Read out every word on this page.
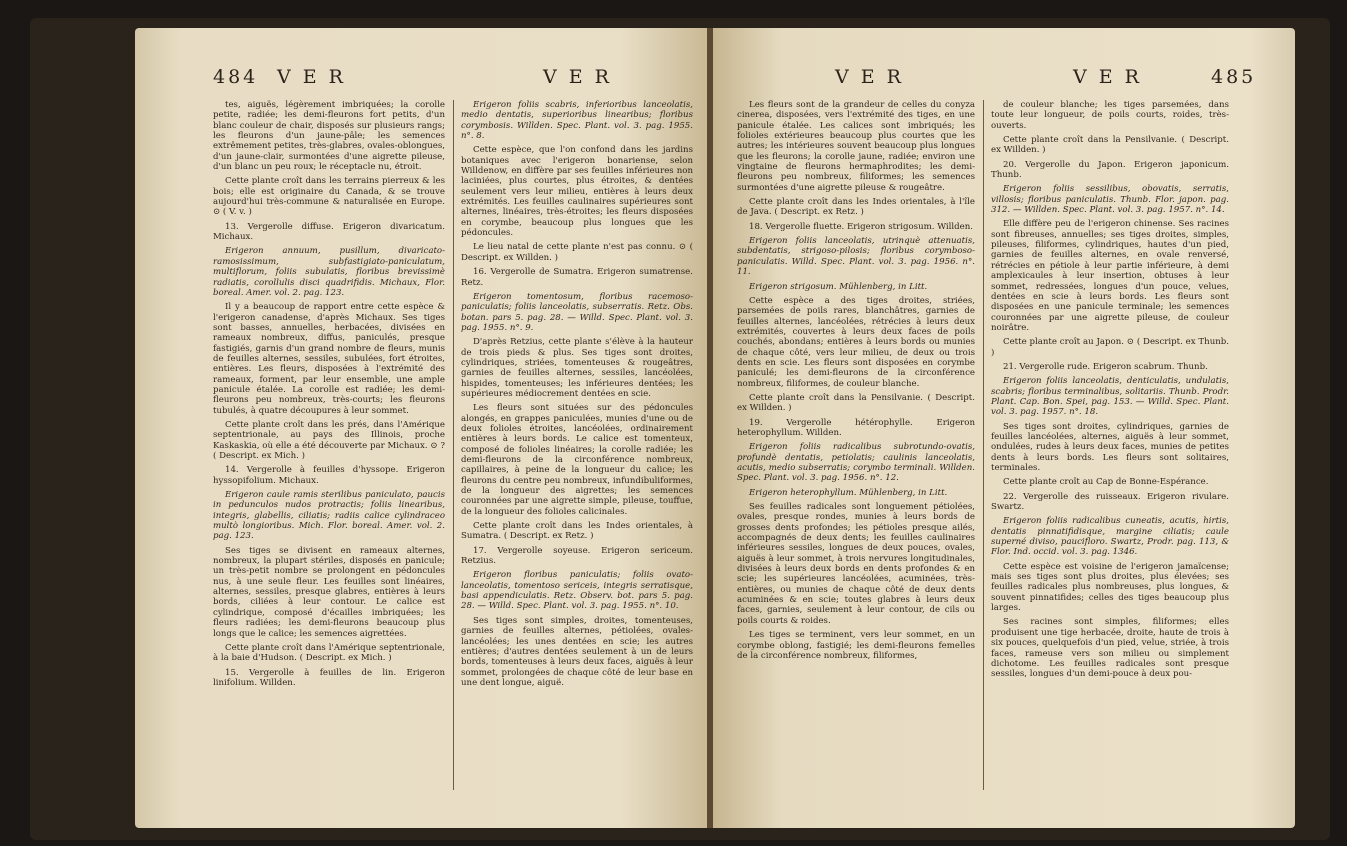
484 V E R	V E R

tes, aiguës, légèrement imbriquées; la corolle petite, radiée; les demi-fleurons fort petits, d'un blanc couleur de chair, disposés sur plusieurs rangs; les fleurons d'un jaune-pâle; les semences extrêmement petites, très-glabres, ovales-oblongues, d'un jaune-clair, surmontées d'une aigrette pileuse, d'un blanc un peu roux; le réceptacle nu, étroit.

Cette plante croît dans les terrains pierreux & les bois; elle est originaire du Canada, & se trouve aujourd'hui très-commune & naturalisée en Europe. ⊙ ( V. v. )

13. Vergerolle diffuse. Erigeron divaricatum. Michaux.

Erigeron annuum, pusillum, divaricato-ramosissimum, subfastigiato-paniculatum, multiflorum, foliis subulatis, floribus brevissimè radiatis, corollulis disci quadrifidis. Michaux, Flor. boreal. Amer. vol. 2. pag. 123.

Il y a beaucoup de rapport entre cette espèce & l'erigeron canadense, d'après Michaux. Ses tiges sont basses, annuelles, herbacées, divisées en rameaux nombreux, diffus, paniculés, presque fastigiés, garnis d'un grand nombre de fleurs, munis de feuilles alternes, sessiles, subulées, fort étroites, entières. Les fleurs, disposées à l'extrémité des rameaux, forment, par leur ensemble, une ample panicule étalée. La corolle est radiée; les demi-fleurons peu nombreux, très-courts; les fleurons tubulés, à quatre découpures à leur sommet.

Cette plante croît dans les prés, dans l'Amérique septentrionale, au pays des Illinois, proche Kaskaskia, où elle a été découverte par Michaux. ⊙ ? ( Descript. ex Mich. )

14. Vergerolle à feuilles d'hyssope. Erigeron hyssopifolium. Michaux.

Erigeron caule ramis sterilibus paniculato, paucis in pedunculos nudos protractis; foliis linearibus, integris, glabellis, ciliatis; radiis calice cylindraceo multò longioribus. Mich. Flor. boreal. Amer. vol. 2. pag. 123.

Ses tiges se divisent en rameaux alternes, nombreux, la plupart stériles, disposés en panicule; un très-petit nombre se prolongent en pédoncules nus, à une seule fleur. Les feuilles sont linéaires, alternes, sessiles, presque glabres, entières à leurs bords, ciliées à leur contour. Le calice est cylindrique, composé d'écailles imbriquées; les fleurs radiées; les demi-fleurons beaucoup plus longs que le calice; les semences aigrettées.

Cette plante croît dans l'Amérique septentrionale, à la baie d'Hudson. ( Descript. ex Mich. )

15. Vergerolle à feuilles de lin. Erigeron linifolium. Willden.

Erigeron foliis scabris, inferioribus lanceolatis, medio dentatis, superioribus linearibus; floribus corymbosis. Willden. Spec. Plant. vol. 3. pag. 1955. n°. 8.

Cette espèce, que l'on confond dans les jardins botaniques avec l'erigeron bonariense, selon Willdenow, en diffère par ses feuilles inférieures non laciniées, plus courtes, plus étroites, & dentées seulement vers leur milieu, entières à leurs deux extrémités. Les feuilles caulinaires supérieures sont alternes, linéaires, très-étroites; les fleurs disposées en corymbe, beaucoup plus longues que les pédoncules.

Le lieu natal de cette plante n'est pas connu. ⊙ ( Descript. ex Willden. )

16. Vergerolle de Sumatra. Erigeron sumatrense. Retz.

Erigeron tomentosum, floribus racemoso-paniculatis; foliis lanceolatis, subserratis. Retz. Obs. botan. pars 5. pag. 28. — Willd. Spec. Plant. vol. 3. pag. 1955. n°. 9.

D'après Retzius, cette plante s'élève à la hauteur de trois pieds & plus. Ses tiges sont droites, cylindriques, striées, tomenteuses & rougeâtres, garnies de feuilles alternes, sessiles, lancéolées, hispides, tomenteuses; les inférieures dentées; les supérieures médiocrement dentées en scie.

Les fleurs sont situées sur des pédoncules alongés, en grappes paniculées, munies d'une ou de deux folioles étroites, lancéolées, ordinairement entières à leurs bords. Le calice est tomenteux, composé de folioles linéaires; la corolle radiée; les demi-fleurons de la circonférence nombreux, capillaires, à peine de la longueur du calice; les fleurons du centre peu nombreux, infundibuliformes, de la longueur des aigrettes; les semences couronnées par une aigrette simple, pileuse, touffue, de la longueur des folioles calicinales.

Cette plante croît dans les Indes orientales, à Sumatra. ( Descript. ex Retz. )

17. Vergerolle soyeuse. Erigeron sericeum. Retzius.

Erigeron floribus paniculatis; foliis ovato-lanceolatis, tomentoso sericeis, integris serratisque, basi appendiculatis. Retz. Observ. bot. pars 5. pag. 28. — Willd. Spec. Plant. vol. 3. pag. 1955. n°. 10.

Ses tiges sont simples, droites, tomenteuses, garnies de feuilles alternes, pétiolées, ovales-lancéolées; les unes dentées en scie; les autres entières; d'autres dentées seulement à un de leurs bords, tomenteuses à leurs deux faces, aiguës à leur sommet, prolongées de chaque côté de leur base en une dent longue, aiguë.

V E R	V E R	485

Les fleurs sont de la grandeur de celles du conyza cinerea, disposées, vers l'extrémité des tiges, en une panicule étalée. Les calices sont imbriqués; les folioles extérieures beaucoup plus courtes que les autres; les intérieures souvent beaucoup plus longues que les fleurons; la corolle jaune, radiée; environ une vingtaine de fleurons hermaphrodites; les demi-fleurons peu nombreux, filiformes; les semences surmontées d'une aigrette pileuse & rougeâtre.

Cette plante croît dans les Indes orientales, à l'île de Java. ( Descript. ex Retz. )

18. Vergerolle fluette. Erigeron strigosum. Willden.

Erigeron foliis lanceolatis, utrinquè attenuatis, subdentatis, strigoso-pilosis; floribus corymboso-paniculatis. Willd. Spec. Plant. vol. 3. pag. 1956. n°. 11.

Erigeron strigosum. Mühlenberg, in Litt.

Cette espèce a des tiges droites, striées, parsemées de poils rares, blanchâtres, garnies de feuilles alternes, lancéolées, rétrécies à leurs deux extrémités, couvertes à leurs deux faces de poils couchés, abondans; entières à leurs bords ou munies de chaque côté, vers leur milieu, de deux ou trois dents en scie. Les fleurs sont disposées en corymbe paniculé; les demi-fleurons de la circonférence nombreux, filiformes, de couleur blanche.

Cette plante croît dans la Pensilvanie. ( Descript. ex Willden. )

19. Vergerolle hétérophylle. Erigeron heterophyllum. Willden.

Erigeron foliis radicalibus subrotundo-ovatis, profundè dentatis, petiolatis; caulinis lanceolatis, acutis, medio subserratis; corymbo terminali. Willden. Spec. Plant. vol. 3. pag. 1956. n°. 12.

Erigeron heterophyllum. Mühlenberg, in Litt.

Ses feuilles radicales sont longuement pétiolées, ovales, presque rondes, munies à leurs bords de grosses dents profondes; les pétioles presque ailés, accompagnés de deux dents; les feuilles caulinaires inférieures sessiles, longues de deux pouces, ovales, aiguës à leur sommet, à trois nervures longitudinales, divisées à leurs deux bords en dents profondes & en scie; les supérieures lancéolées, acuminées, très-entières, ou munies de chaque côté de deux dents acuminées & en scie; toutes glabres à leurs deux faces, garnies, seulement à leur contour, de cils ou poils courts & roides.

Les tiges se terminent, vers leur sommet, en un corymbe oblong, fastigié; les demi-fleurons femelles de la circonférence nombreux, filiformes,

de couleur blanche; les tiges parsemées, dans toute leur longueur, de poils courts, roides, très-ouverts.

Cette plante croît dans la Pensilvanie. ( Descript. ex Willden. )

20. Vergerolle du Japon. Erigeron japonicum. Thunb.

Erigeron foliis sessilibus, obovatis, serratis, villosis; floribus paniculatis. Thunb. Flor. japon. pag. 312. — Willden. Spec. Plant. vol. 3. pag. 1957. n°. 14.

Elle diffère peu de l'erigeron chinense. Ses racines sont fibreuses, annuelles; ses tiges droites, simples, pileuses, filiformes, cylindriques, hautes d'un pied, garnies de feuilles alternes, en ovale renversé, rétrécies en pétiole à leur partie inférieure, à demi amplexicaules à leur insertion, obtuses à leur sommet, redressées, longues d'un pouce, velues, dentées en scie à leurs bords. Les fleurs sont disposées en une panicule terminale; les semences couronnées par une aigrette pileuse, de couleur noirâtre.

Cette plante croît au Japon. ⊙ ( Descript. ex Thunb. )

21. Vergerolle rude. Erigeron scabrum. Thunb.

Erigeron foliis lanceolatis, denticulatis, undulatis, scabris; floribus terminalibus, solitariis. Thunb. Prodr. Plant. Cap. Bon. Spei, pag. 153. — Willd. Spec. Plant. vol. 3. pag. 1957. n°. 18.

Ses tiges sont droites, cylindriques, garnies de feuilles lancéolées, alternes, aiguës à leur sommet, ondulées, rudes à leurs deux faces, munies de petites dents à leurs bords. Les fleurs sont solitaires, terminales.

Cette plante croît au Cap de Bonne-Espérance.

22. Vergerolle des ruisseaux. Erigeron rivulare. Swartz.

Erigeron foliis radicalibus cuneatis, acutis, hirtis, dentatis pinnatifidisque, margine ciliatis; caule superné diviso, paucifloro. Swartz, Prodr. pag. 113, & Flor. Ind. occid. vol. 3. pag. 1346.

Cette espèce est voisine de l'erigeron jamaïcense; mais ses tiges sont plus droites, plus élevées; ses feuilles radicales plus nombreuses, plus longues, & souvent pinnatifides; celles des tiges beaucoup plus larges.

Ses racines sont simples, filiformes; elles produisent une tige herbacée, droite, haute de trois à six pouces, quelquefois d'un pied, velue, striée, à trois faces, rameuse vers son milieu ou simplement dichotome. Les feuilles radicales sont presque sessiles, longues d'un demi-pouce à deux pou-
